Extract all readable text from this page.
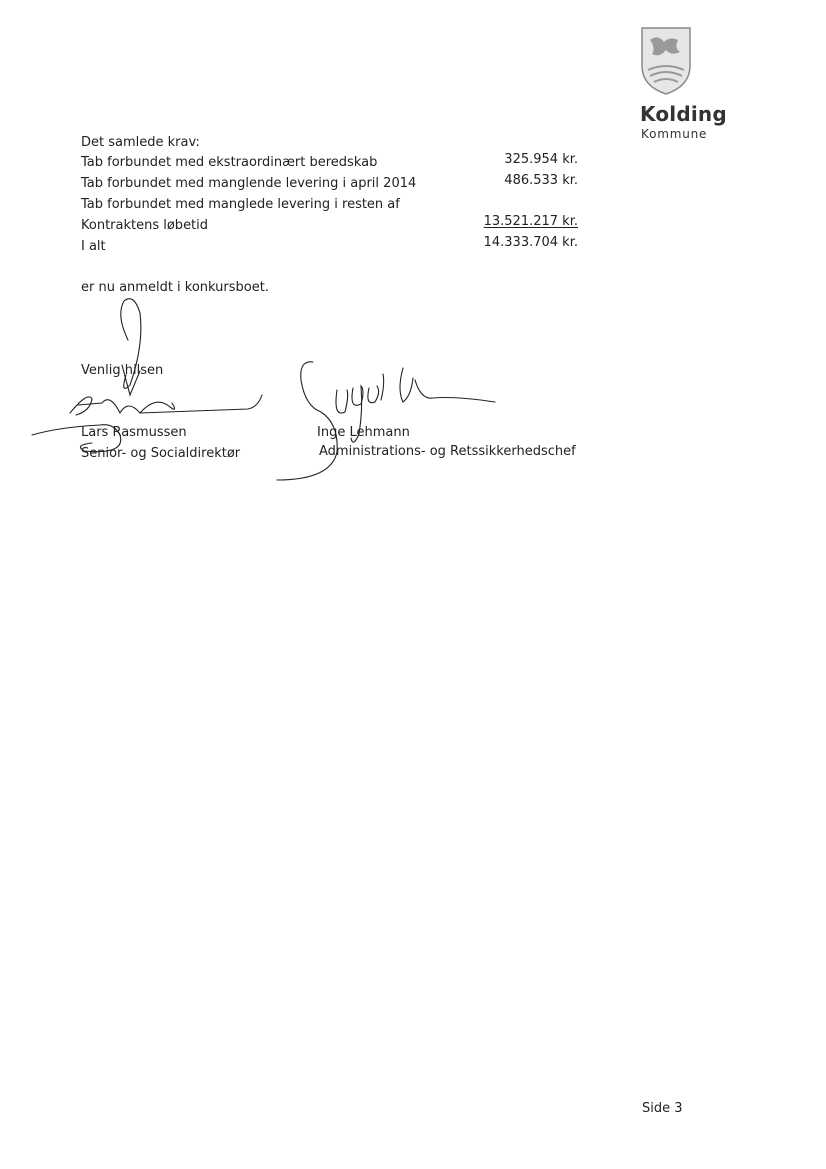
Kolding
Kommune
Det samlede krav:
Tab forbundet med ekstraordinært beredskab	325.954 kr.
Tab forbundet med manglende levering i april 2014	486.533 kr.
Tab forbundet med manglede levering i resten af
Kontraktens løbetid	13.521.217 kr.
I alt	14.333.704 kr.
er nu anmeldt i konkursboet.
Venlig hilsen
Lars Rasmussen
Senior- og Socialdirektør
Inge Lehmann
Administrations- og Retssikkerhedschef
Side 3
